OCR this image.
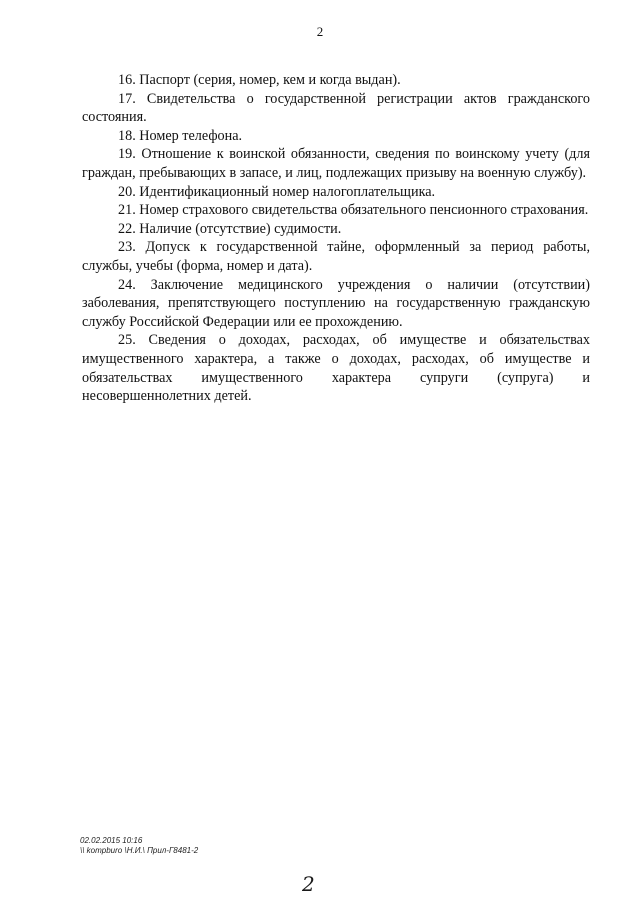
2

16. Паспорт (серия, номер, кем и когда выдан).

17. Свидетельства о государственной регистрации актов гражданского состояния.

18. Номер телефона.

19. Отношение к воинской обязанности, сведения по воинскому учету (для граждан, пребывающих в запасе, и лиц, подлежащих призыву на военную службу).

20. Идентификационный номер налогоплательщика.

21. Номер страхового свидетельства обязательного пенсионного страхования.

22. Наличие (отсутствие) судимости.

23. Допуск к государственной тайне, оформленный за период работы, службы, учебы (форма, номер и дата).

24. Заключение медицинского учреждения о наличии (отсутствии) заболевания, препятствующего поступлению на государственную гражданскую службу Российской Федерации или ее прохождению.

25. Сведения о доходах, расходах, об имуществе и обязательствах имущественного характера, а также о доходах, расходах, об имуществе и обязательствах имущественного характера супруги (супруга) и несовершеннолетних детей.

02.02.2015 10:16
\\ kompburo \Н.И.\ Прил-Г8481-2
2
